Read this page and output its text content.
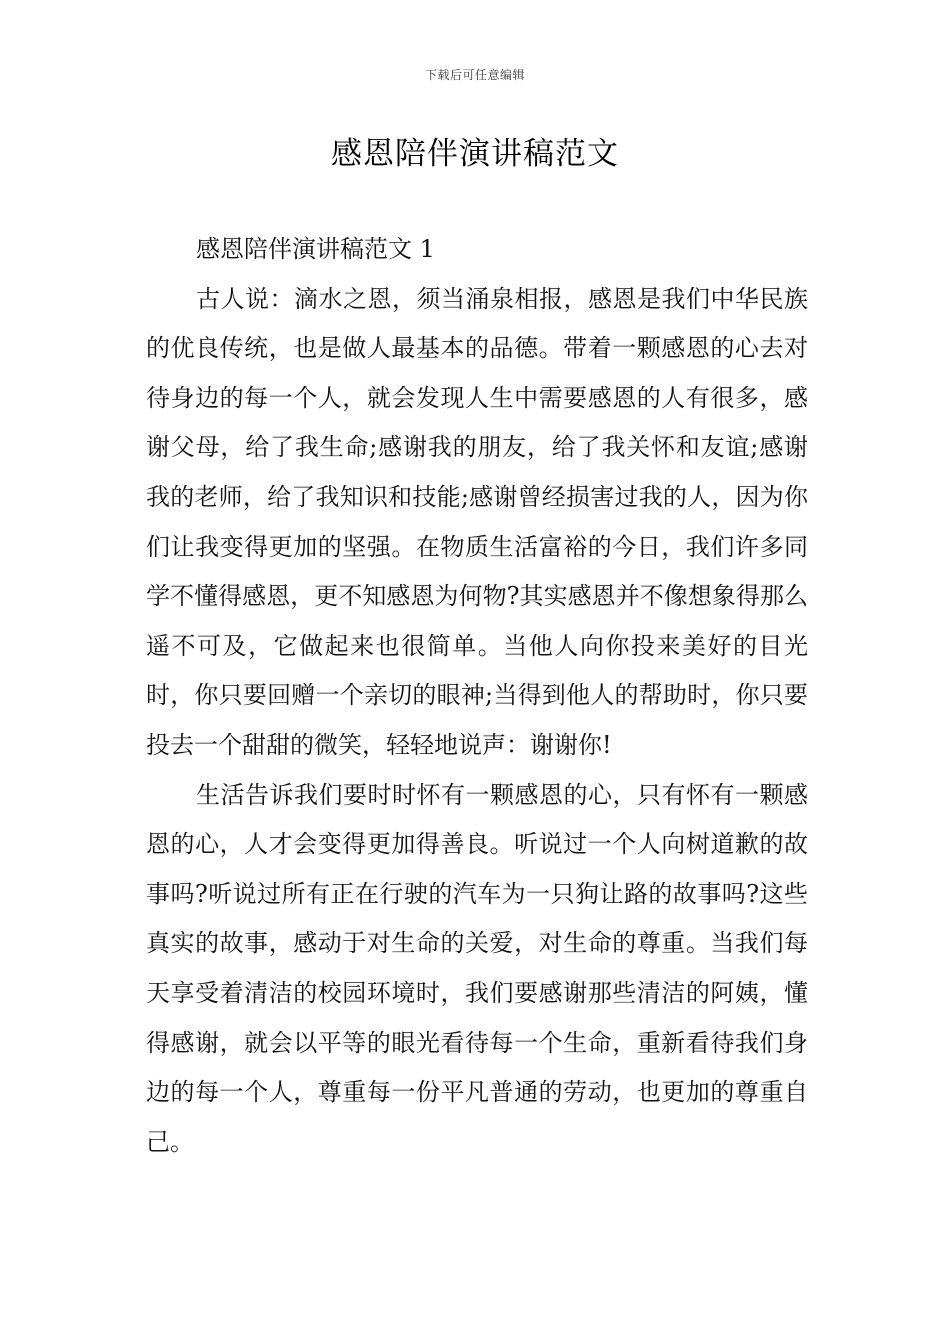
下载后可任意编辑
感恩陪伴演讲稿范文

感恩陪伴演讲稿范文 1

古人说：滴水之恩，须当涌泉相报，感恩是我们中华民族的优良传统，也是做人最基本的品德。带着一颗感恩的心去对待身边的每一个人，就会发现人生中需要感恩的人有很多，感谢父母，给了我生命;感谢我的朋友，给了我关怀和友谊;感谢我的老师，给了我知识和技能;感谢曾经损害过我的人，因为你们让我变得更加的坚强。在物质生活富裕的今日，我们许多同学不懂得感恩，更不知感恩为何物?其实感恩并不像想象得那么遥不可及，它做起来也很简单。当他人向你投来美好的目光时，你只要回赠一个亲切的眼神;当得到他人的帮助时，你只要投去一个甜甜的微笑，轻轻地说声：谢谢你!

生活告诉我们要时时怀有一颗感恩的心，只有怀有一颗感恩的心，人才会变得更加得善良。听说过一个人向树道歉的故事吗?听说过所有正在行驶的汽车为一只狗让路的故事吗?这些真实的故事，感动于对生命的关爱，对生命的尊重。当我们每天享受着清洁的校园环境时，我们要感谢那些清洁的阿姨，懂得感谢，就会以平等的眼光看待每一个生命，重新看待我们身边的每一个人，尊重每一份平凡普通的劳动，也更加的尊重自己。
